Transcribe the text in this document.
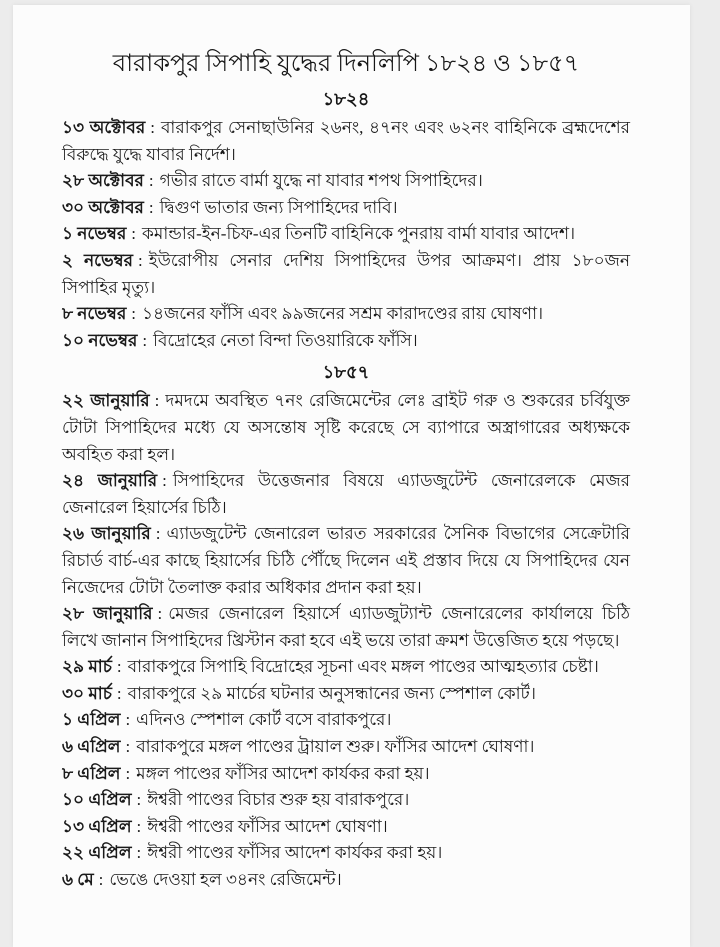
বারাকপুর সিপাহি যুদ্ধের দিনলিপি ১৮২৪ ও ১৮৫৭
১৮২৪

১৩ অক্টোবর : বারাকপুর সেনাছাউনির ২৬নং, ৪৭নং এবং ৬২নং বাহিনিকে ব্রহ্মদেশের বিরুদ্ধে যুদ্ধে যাবার নির্দেশ।

২৮ অক্টোবর : গভীর রাতে বার্মা যুদ্ধে না যাবার শপথ সিপাহিদের।

৩০ অক্টোবর : দ্বিগুণ ভাতার জন্য সিপাহিদের দাবি।

১ নভেম্বর : কমান্ডার-ইন-চিফ-এর তিনটি বাহিনিকে পুনরায় বার্মা যাবার আদেশ।

২ নভেম্বর : ইউরোপীয় সেনার দেশিয় সিপাহিদের উপর আক্রমণ। প্রায় ১৮০জন সিপাহির মৃত্যু।

৮ নভেম্বর : ১৪জনের ফাঁসি এবং ৯৯জনের সশ্রম কারাদণ্ডের রায় ঘোষণা।

১০ নভেম্বর : বিদ্রোহের নেতা বিন্দা তিওয়ারিকে ফাঁসি।

১৮৫৭

২২ জানুয়ারি : দমদমে অবস্থিত ৭নং রেজিমেন্টের লেঃ ব্রাইট গরু ও শুকরের চর্বিযুক্ত টোটা সিপাহিদের মধ্যে যে অসন্তোষ সৃষ্টি করেছে সে ব্যাপারে অস্ত্রাগারের অধ্যক্ষকে অবহিত করা হল।

২৪ জানুয়ারি : সিপাহিদের উত্তেজনার বিষয়ে এ্যাডজুটেন্ট জেনারেলকে মেজর জেনারেল হিয়ার্সের চিঠি।

২৬ জানুয়ারি : এ্যাডজুটেন্ট জেনারেল ভারত সরকারের সৈনিক বিভাগের সেক্রেটারি রিচার্ড বার্চ-এর কাছে হিয়ার্সের চিঠি পৌঁছে দিলেন এই প্রস্তাব দিয়ে যে সিপাহিদের যেন নিজেদের টোটা তৈলাক্ত করার অধিকার প্রদান করা হয়।

২৮ জানুয়ারি : মেজর জেনারেল হিয়ার্সে এ্যাডজুট্যান্ট জেনারেলের কার্যালয়ে চিঠি লিখে জানান সিপাহিদের খ্রিস্টান করা হবে এই ভয়ে তারা ক্রমশ উত্তেজিত হয়ে পড়ছে।

২৯ মার্চ : বারাকপুরে সিপাহি বিদ্রোহের সূচনা এবং মঙ্গল পাণ্ডের আত্মহত্যার চেষ্টা।

৩০ মার্চ : বারাকপুরে ২৯ মার্চের ঘটনার অনুসন্ধানের জন্য স্পেশাল কোর্ট।

১ এপ্রিল : এদিনও স্পেশাল কোর্ট বসে বারাকপুরে।

৬ এপ্রিল : বারাকপুরে মঙ্গল পাণ্ডের ট্রায়াল শুরু। ফাঁসির আদেশ ঘোষণা।

৮ এপ্রিল : মঙ্গল পাণ্ডের ফাঁসির আদেশ কার্যকর করা হয়।

১০ এপ্রিল : ঈশ্বরী পাণ্ডের বিচার শুরু হয় বারাকপুরে।

১৩ এপ্রিল : ঈশ্বরী পাণ্ডের ফাঁসির আদেশ ঘোষণা।

২২ এপ্রিল : ঈশ্বরী পাণ্ডের ফাঁসির আদেশ কার্যকর করা হয়।

৬ মে : ভেঙে দেওয়া হল ৩৪নং রেজিমেন্ট।
